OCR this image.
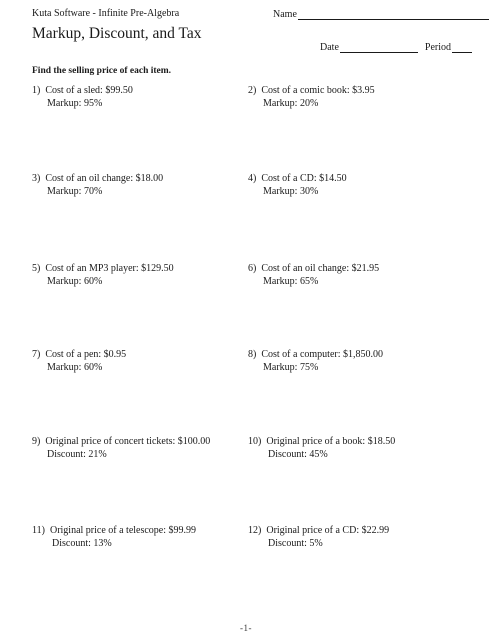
Kuta Software - Infinite Pre-Algebra	Name
Markup, Discount, and Tax
Date	Period
Find the selling price of each item.
1) Cost of a sled: $99.50
Markup: 95%
2) Cost of a comic book: $3.95
Markup: 20%
3) Cost of an oil change: $18.00
Markup: 70%
4) Cost of a CD: $14.50
Markup: 30%
5) Cost of an MP3 player: $129.50
Markup: 60%
6) Cost of an oil change: $21.95
Markup: 65%
7) Cost of a pen: $0.95
Markup: 60%
8) Cost of a computer: $1,850.00
Markup: 75%
9) Original price of concert tickets: $100.00
Discount: 21%
10) Original price of a book: $18.50
Discount: 45%
11) Original price of a telescope: $99.99
Discount: 13%
12) Original price of a CD: $22.99
Discount: 5%
-1-
